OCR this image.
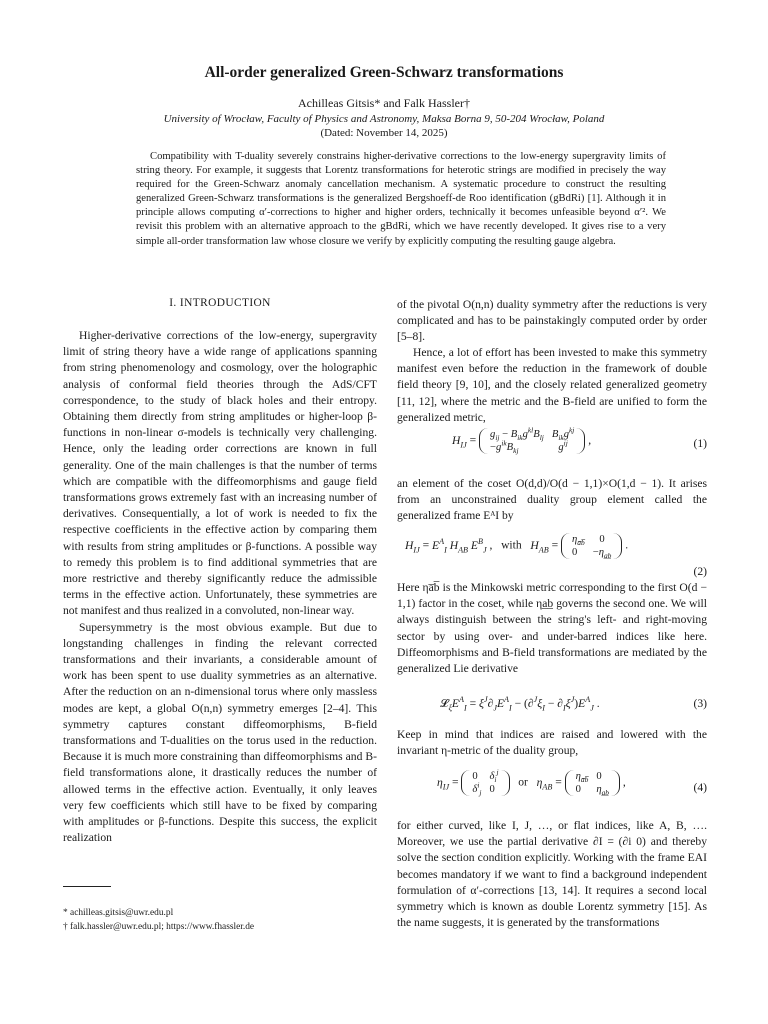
All-order generalized Green-Schwarz transformations
Achilleas Gitsis* and Falk Hassler†
University of Wrocław, Faculty of Physics and Astronomy, Maksa Borna 9, 50-204 Wrocław, Poland
(Dated: November 14, 2025)

Compatibility with T-duality severely constrains higher-derivative corrections to the low-energy supergravity limits of string theory. For example, it suggests that Lorentz transformations for heterotic strings are modified in precisely the way required for the Green-Schwarz anomaly cancellation mechanism. A systematic procedure to construct the resulting generalized Green-Schwarz transformations is the generalized Bergshoeff-de Roo identification (gBdRi) [1]. Although it in principle allows computing α′-corrections to higher and higher orders, technically it becomes unfeasible beyond α′². We revisit this problem with an alternative approach to the gBdRi, which we have recently developed. It gives rise to a very simple all-order transformation law whose closure we verify by explicitly computing the resulting gauge algebra.

I. INTRODUCTION

Higher-derivative corrections of the low-energy, supergravity limit of string theory have a wide range of applications spanning from string phenomenology and cosmology, over the holographic analysis of conformal field theories through the AdS/CFT correspondence, to the study of black holes and their entropy. Obtaining them directly from string amplitudes or higher-loop β-functions in non-linear σ-models is technically very challenging. Hence, only the leading order corrections are known in full generality. One of the main challenges is that the number of terms which are compatible with the diffeomorphisms and gauge field transformations grows extremely fast with an increasing number of derivatives. Consequentially, a lot of work is needed to fix the respective coefficients in the effective action by comparing them with results from string amplitudes or β-functions. A possible way to remedy this problem is to find additional symmetries that are more restrictive and thereby significantly reduce the admissible terms in the effective action. Unfortunately, these symmetries are not manifest and thus realized in a convoluted, non-linear way.

Supersymmetry is the most obvious example. But due to longstanding challenges in finding the relevant corrected transformations and their invariants, a considerable amount of work has been spent to use duality symmetries as an alternative. After the reduction on an n-dimensional torus where only massless modes are kept, a global O(n,n) symmetry emerges [2–4]. This symmetry captures constant diffeomorphisms, B-field transformations and T-dualities on the torus used in the reduction. Because it is much more constraining than diffeomorphisms and B-field transformations alone, it drastically reduces the number of allowed terms in the effective action. Eventually, it only leaves very few coefficients which still have to be fixed by comparing with amplitudes or β-functions. Despite this success, the explicit realization

* achilleas.gitsis@uwr.edu.pl
† falk.hassler@uwr.edu.pl; https://www.fhassler.de
of the pivotal O(n,n) duality symmetry after the reductions is very complicated and has to be painstakingly computed order by order [5–8].
Hence, a lot of effort has been invested to make this symmetry manifest even before the reduction in the framework of double field theory [9, 10], and the closely related generalized geometry [11, 12], where the metric and the B-field are unified to form the generalized metric,
$H_{IJ} = g_{ij} - B_{ik}g^{kl}B_{lj}$	$B_{ik}g^{kj}$
$-g^{ik}B_{kj}$	$g^{ij}$ ,	(1)
an element of the coset O(d,d)/O(d − 1,1)×O(1,d − 1). It arises from an unconstrained duality group element called the generalized frame EᴬI by
$H_{IJ} = E^A_I$ $H_{AB}$ $E^B_J$ ,   with $H_{AB} = \eta_{a̅b̅}$	0
0	$-\eta_{a̲b̲}$
.
(2)
Here ηa̅b̅ is the Minkowski metric corresponding to the first O(d − 1,1) factor in the coset, while ηa̲b̲ governs the second one. We will always distinguish between the string's left- and right-moving sector by using over- and under-barred indices like here. Diffeomorphisms and B-field transformations are mediated by the generalized Lie derivative
$𝓛_\xi E^A_I = \xi^J\partial_JE^A_I - (\partial^J\xi_I - \partial_I\xi^J)E^A_J$ .	(3)
Keep in mind that indices are raised and lowered with the invariant η-metric of the duality group,
$\eta_{IJ} = 0$	$\delta_i^j$
$\delta^i_j$	0
or $\eta_{AB} = \eta_{a̅b̅}$	0
0	$\eta_{a̲b̲}$
,	(4)
for either curved, like I, J, …, or flat indices, like A, B, …. Moreover, we use the partial derivative ∂I = (∂i 0) and thereby solve the section condition explicitly. Working with the frame EAI becomes mandatory if we want to find a background independent formulation of α′-corrections [13, 14]. It requires a second local symmetry which is known as double Lorentz symmetry [15]. As the name suggests, it is generated by the transformations
